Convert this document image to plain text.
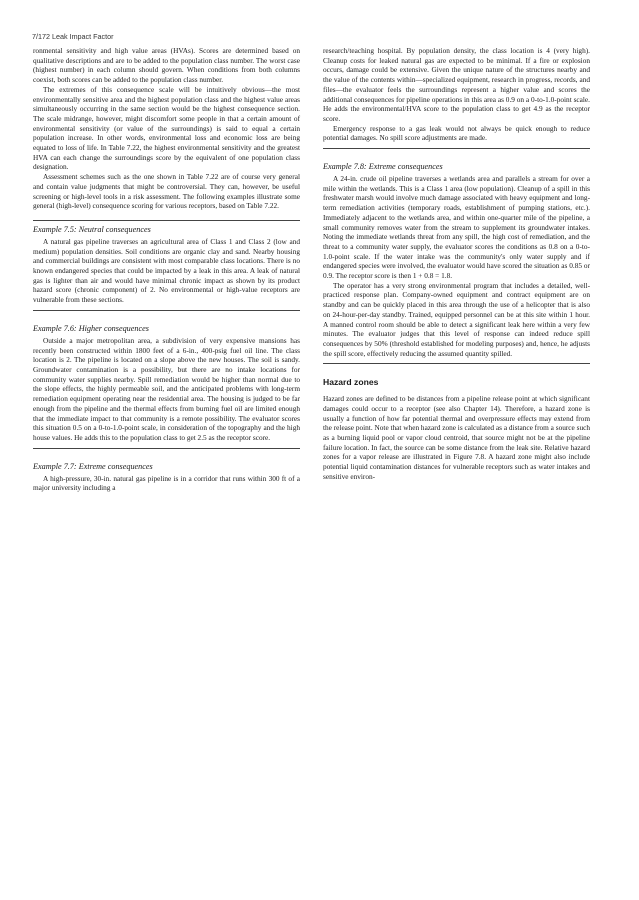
7/172 Leak Impact Factor

ronmental sensitivity and high value areas (HVAs). Scores are determined based on qualitative descriptions and are to be added to the population class number. The worst case (highest number) in each column should govern. When conditions from both columns coexist, both scores can be added to the population class number.

The extremes of this consequence scale will be intuitively obvious—the most environmentally sensitive area and the highest population class and the highest value areas simultaneously occurring in the same section would be the highest consequence section. The scale midrange, however, might discomfort some people in that a certain amount of environmental sensitivity (or value of the surroundings) is said to equal a certain population increase. In other words, environmental loss and economic loss are being equated to loss of life. In Table 7.22, the highest environmental sensitivity and the greatest HVA can each change the surroundings score by the equivalent of one population class designation.

Assessment schemes such as the one shown in Table 7.22 are of course very general and contain value judgments that might be controversial. They can, however, be useful screening or high-level tools in a risk assessment. The following examples illustrate some general (high-level) consequence scoring for various receptors, based on Table 7.22.

Example 7.5: Neutral consequences

A natural gas pipeline traverses an agricultural area of Class 1 and Class 2 (low and medium) population densities. Soil conditions are organic clay and sand. Nearby housing and commercial buildings are consistent with most comparable class locations. There is no known endangered species that could be impacted by a leak in this area. A leak of natural gas is lighter than air and would have minimal chronic impact as shown by its product hazard score (chronic component) of 2. No environmental or high-value receptors are vulnerable from these sections.

Example 7.6: Higher consequences

Outside a major metropolitan area, a subdivision of very expensive mansions has recently been constructed within 1800 feet of a 6-in., 400-psig fuel oil line. The class location is 2. The pipeline is located on a slope above the new houses. The soil is sandy. Groundwater contamination is a possibility, but there are no intake locations for community water supplies nearby. Spill remediation would be higher than normal due to the slope effects, the highly permeable soil, and the anticipated problems with long-term remediation equipment operating near the residential area. The housing is judged to be far enough from the pipeline and the thermal effects from burning fuel oil are limited enough that the immediate impact to that community is a remote possibility. The evaluator scores this situation 0.5 on a 0-to-1.0-point scale, in consideration of the topography and the high house values. He adds this to the population class to get 2.5 as the receptor score.

Example 7.7: Extreme consequences

A high-pressure, 30-in. natural gas pipeline is in a corridor that runs within 300 ft of a major university including a

research/teaching hospital. By population density, the class location is 4 (very high). Cleanup costs for leaked natural gas are expected to be minimal. If a fire or explosion occurs, damage could be extensive. Given the unique nature of the structures nearby and the value of the contents within—specialized equipment, research in progress, records, and files—the evaluator feels the surroundings represent a higher value and scores the additional consequences for pipeline operations in this area as 0.9 on a 0-to-1.0-point scale. He adds the environmental/HVA score to the population class to get 4.9 as the receptor score.

Emergency response to a gas leak would not always be quick enough to reduce potential damages. No spill score adjustments are made.

Example 7.8: Extreme consequences

A 24-in. crude oil pipeline traverses a wetlands area and parallels a stream for over a mile within the wetlands. This is a Class 1 area (low population). Cleanup of a spill in this freshwater marsh would involve much damage associated with heavy equipment and long-term remediation activities (temporary roads, establishment of pumping stations, etc.). Immediately adjacent to the wetlands area, and within one-quarter mile of the pipeline, a small community removes water from the stream to supplement its groundwater intakes. Noting the immediate wetlands threat from any spill, the high cost of remediation, and the threat to a community water supply, the evaluator scores the conditions as 0.8 on a 0-to-1.0-point scale. If the water intake was the community's only water supply and if endangered species were involved, the evaluator would have scored the situation as 0.85 or 0.9. The receptor score is then 1 + 0.8 = 1.8.

The operator has a very strong environmental program that includes a detailed, well-practiced response plan. Company-owned equipment and contract equipment are on standby and can be quickly placed in this area through the use of a helicopter that is also on 24-hour-per-day standby. Trained, equipped personnel can be at this site within 1 hour. A manned control room should be able to detect a significant leak here within a very few minutes. The evaluator judges that this level of response can indeed reduce spill consequences by 50% (threshold established for modeling purposes) and, hence, he adjusts the spill score, effectively reducing the assumed quantity spilled.

Hazard zones

Hazard zones are defined to be distances from a pipeline release point at which significant damages could occur to a receptor (see also Chapter 14). Therefore, a hazard zone is usually a function of how far potential thermal and overpressure effects may extend from the release point. Note that when hazard zone is calculated as a distance from a source such as a burning liquid pool or vapor cloud centroid, that source might not be at the pipeline failure location. In fact, the source can be some distance from the leak site. Relative hazard zones for a vapor release are illustrated in Figure 7.8. A hazard zone might also include potential liquid contamination distances for vulnerable receptors such as water intakes and sensitive environ-
